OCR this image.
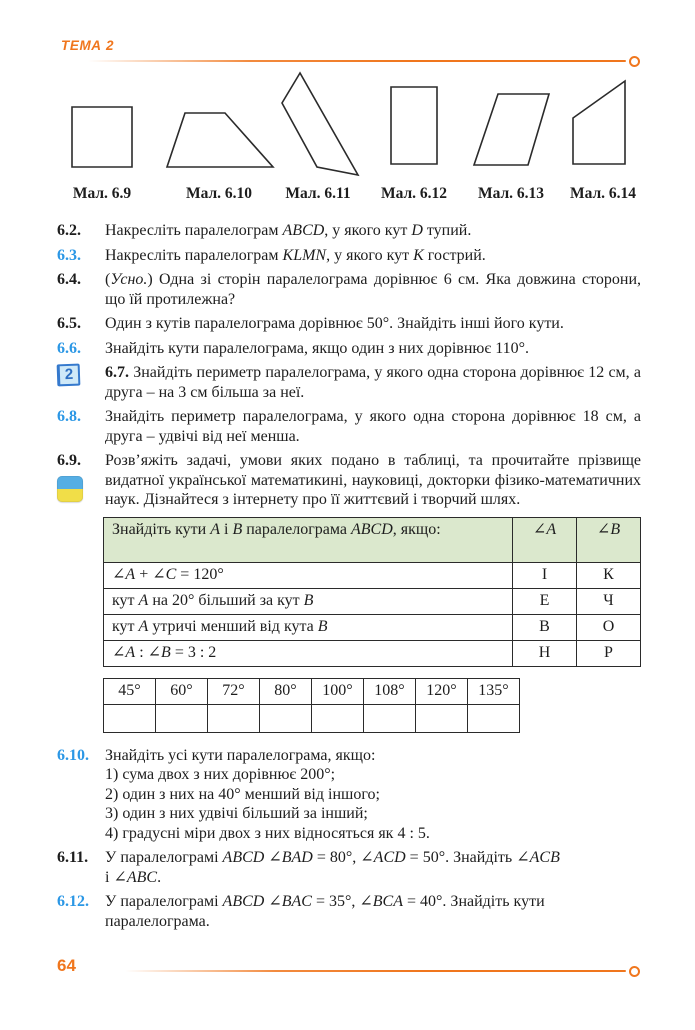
ТЕМА 2
Мал. 6.9	Мал. 6.10 Мал. 6.11 Мал. 6.12 Мал. 6.13 Мал. 6.14
6.2.	Накресліть паралелограм ABCD, у якого кут D тупий.
6.3.	Накресліть паралелограм KLMN, у якого кут K гострий.
6.4.	(Усно.) Одна зі сторін паралелограма дорівнює 6 см. Яка довжина сторони, що їй протилежна?
6.5.	Один з кутів паралелограма дорівнює 50°. Знайдіть інші його кути.
6.6.	Знайдіть кути паралелограма, якщо один з них дорівнює 110°.
2	6.7. Знайдіть периметр паралелограма, у якого одна сторона дорівнює 12 см, а друга – на 3 см більша за неї.
6.8.	Знайдіть периметр паралелограма, у якого одна сторона дорівнює 18 см, а друга – удвічі від неї менша.
6.9.	Розв’яжіть задачі, умови яких подано в таблиці, та прочитайте прізвище видатної української математикині, науковиці, докторки фізико-математичних наук. Дізнайтеся з інтернету про її життєвий і творчий шлях.
Знайдіть кути A і B паралелограма ABCD, якщо:	∠A	∠B
∠A + ∠C = 120°	І	К
кут A на 20° більший за кут B	Е	Ч
кут A утричі менший від кута B	В	О
∠A : ∠B = 3 : 2	Н	Р
45°	60°	72°	80°	100°	108°	120°	135°

6.10.	Знайдіть усі кути паралелограма, якщо:
1) сума двох з них дорівнює 200°;
2) один з них на 40° менший від іншого;
3) один з них удвічі більший за інший;
4) градусні міри двох з них відносяться як 4 : 5.
6.11.	У паралелограмі ABCD ∠BAD = 80°, ∠ACD = 50°. Знайдіть ∠ACB
і ∠ABC.
6.12.	У паралелограмі ABCD ∠BAC = 35°, ∠BCA = 40°. Знайдіть кути
паралелограма.
64
